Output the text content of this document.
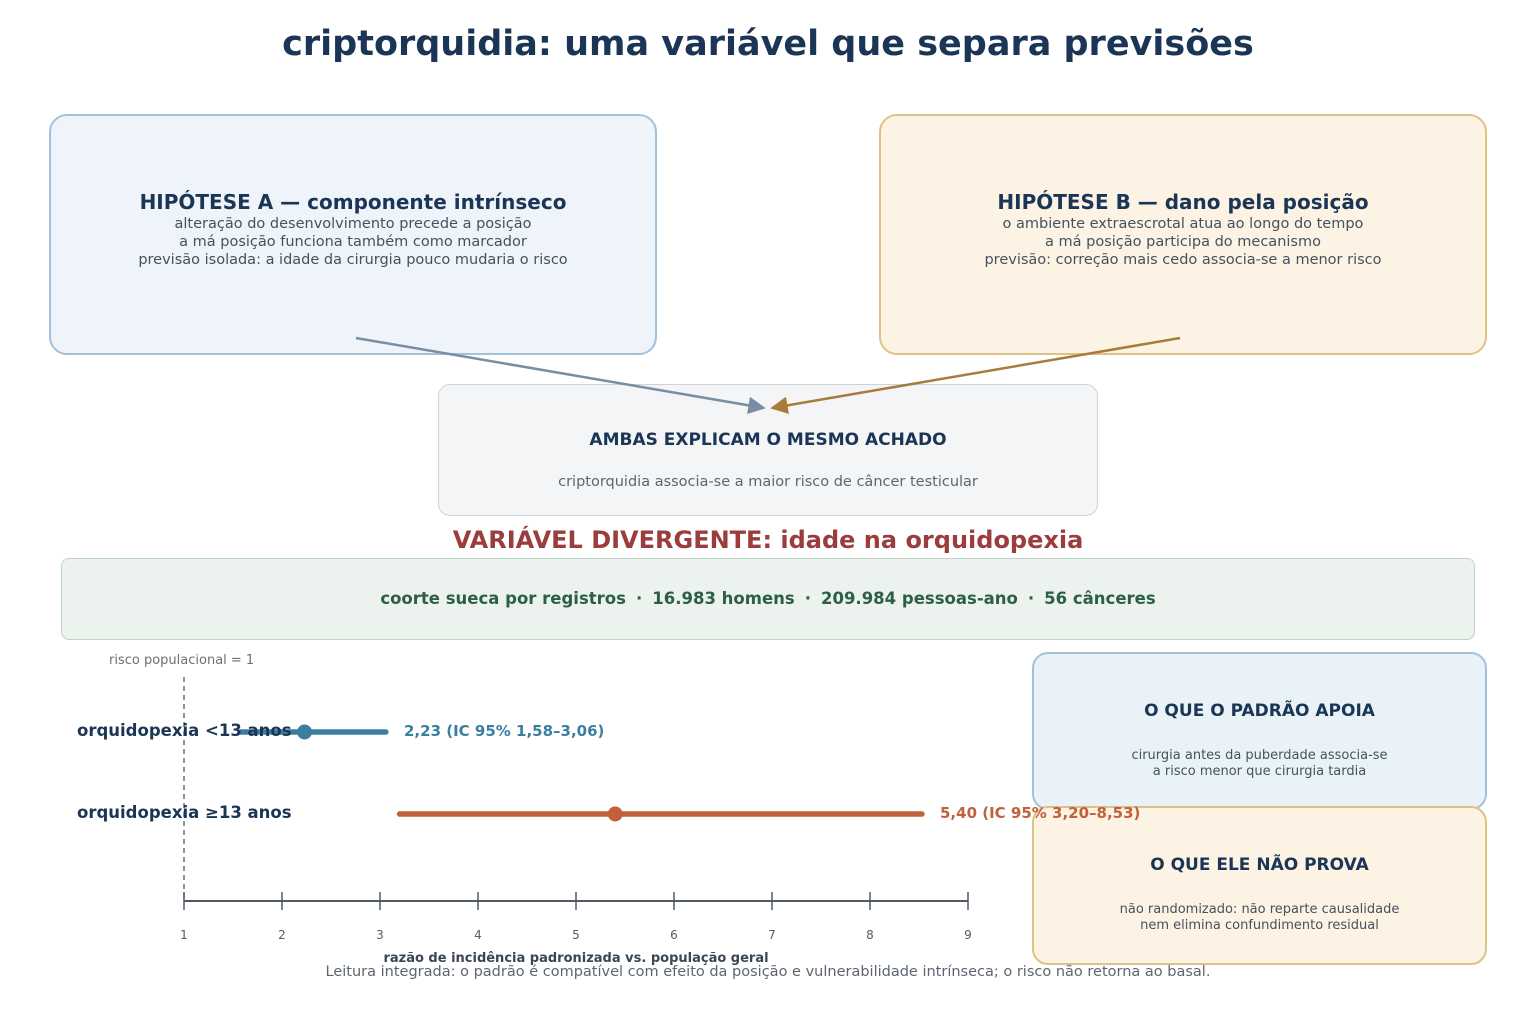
criptorquidia: uma variável que separa previsões
HIPÓTESE A — componente intrínseco
alteração do desenvolvimento precede a posição
a má posição funciona também como marcador
previsão isolada: a idade da cirurgia pouco mudaria o risco
HIPÓTESE B — dano pela posição
o ambiente extraescrotal atua ao longo do tempo
a má posição participa do mecanismo
previsão: correção mais cedo associa-se a menor risco
AMBAS EXPLICAM O MESMO ACHADO
criptorquidia associa-se a maior risco de câncer testicular
VARIÁVEL DIVERGENTE: idade na orquidopexia
coorte sueca por registros · 16.983 homens · 209.984 pessoas-ano · 56 cânceres
risco populacional = 1
O QUE O PADRÃO APOIA
cirurgia antes da puberdade associa-se
a risco menor que cirurgia tardia
O QUE ELE NÃO PROVA
não randomizado: não reparte causalidade
nem elimina confundimento residual
1	2	3	4	5	6	7	8	9
orquidopexia <13 anos
orquidopexia ≥13 anos
2,23 (IC 95% 1,58–3,06)
5,40 (IC 95% 3,20–8,53)
razão de incidência padronizada vs. população geral
Leitura integrada: o padrão é compatível com efeito da posição e vulnerabilidade intrínseca; o risco não retorna ao basal.
